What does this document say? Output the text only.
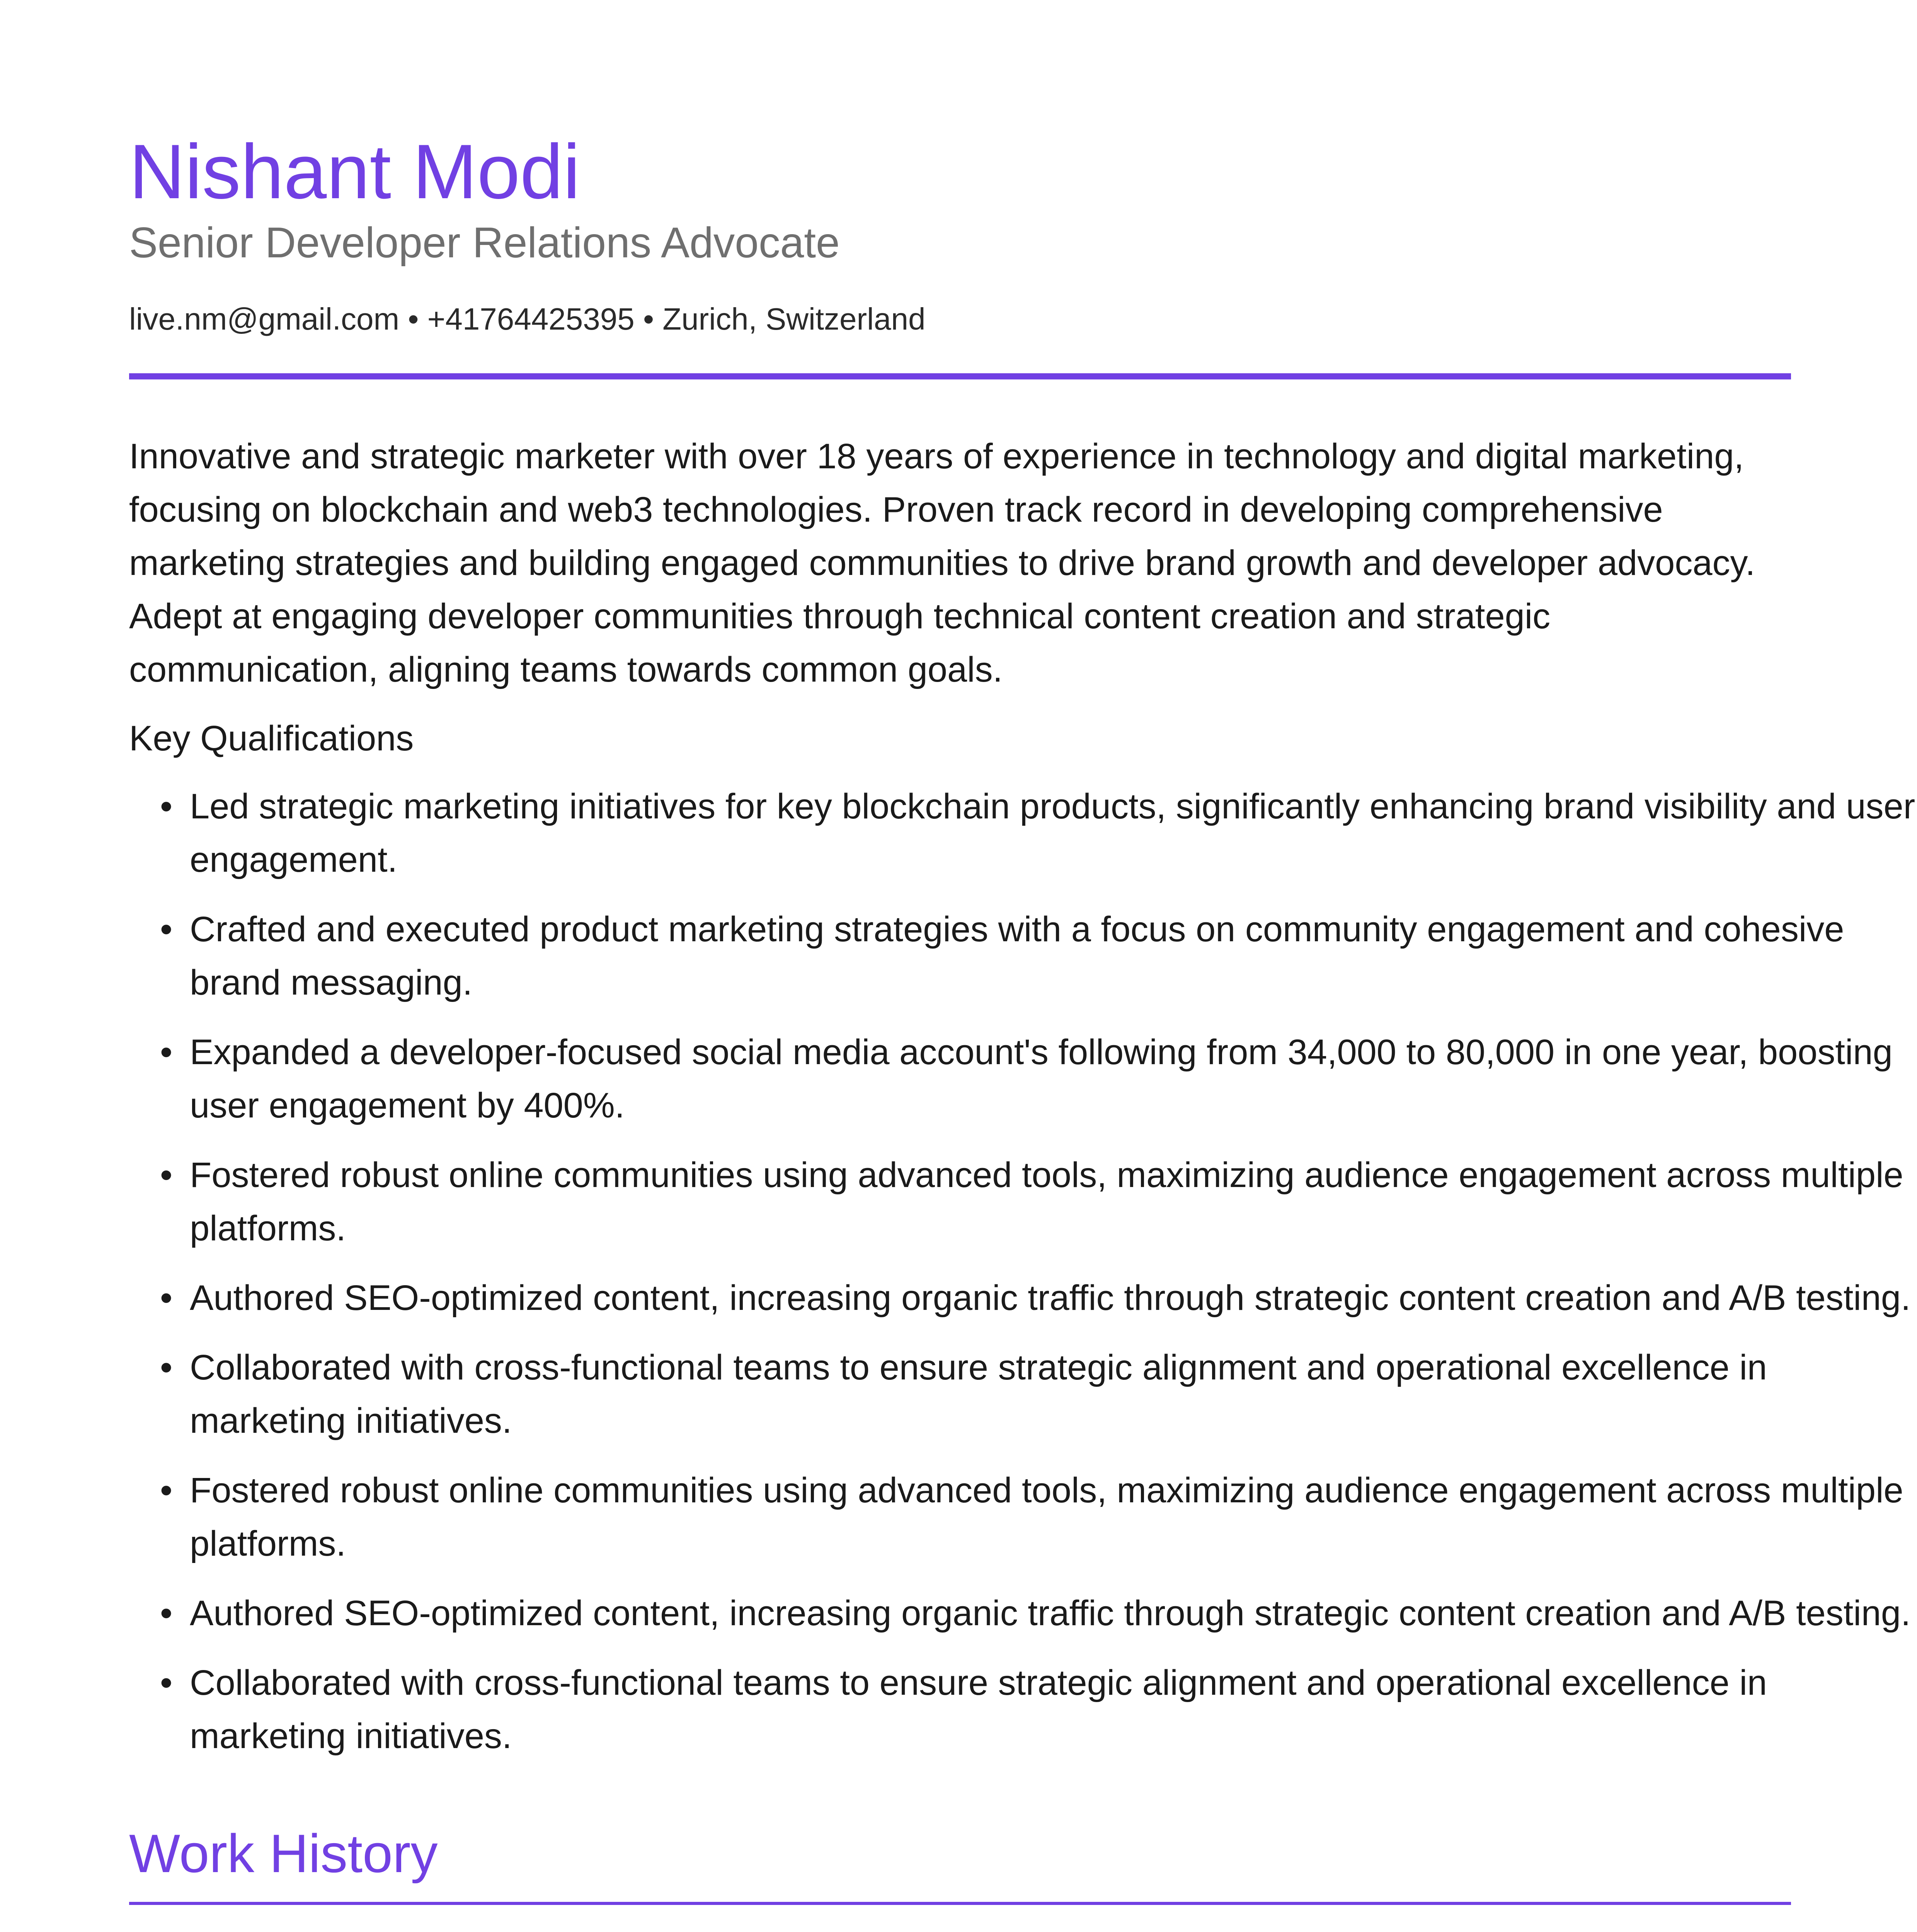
Nishant Modi
Senior Developer Relations Advocate
live.nm@gmail.com • +41764425395 • Zurich, Switzerland
Innovative and strategic marketer with over 18 years of experience in technology and digital marketing, focusing on blockchain and web3 technologies. Proven track record in developing comprehensive marketing strategies and building engaged communities to drive brand growth and developer advocacy. Adept at engaging developer communities through technical content creation and strategic communication, aligning teams towards common goals.
Key Qualifications
• Led strategic marketing initiatives for key blockchain products, significantly enhancing brand visibility and user engagement.
• Crafted and executed product marketing strategies with a focus on community engagement and cohesive brand messaging.
• Expanded a developer-focused social media account's following from 34,000 to 80,000 in one year, boosting user engagement by 400%.
• Fostered robust online communities using advanced tools, maximizing audience engagement across multiple platforms.
• Authored SEO-optimized content, increasing organic traffic through strategic content creation and A/B testing.
• Collaborated with cross-functional teams to ensure strategic alignment and operational excellence in marketing initiatives.
• Fostered robust online communities using advanced tools, maximizing audience engagement across multiple platforms.
• Authored SEO-optimized content, increasing organic traffic through strategic content creation and A/B testing.
• Collaborated with cross-functional teams to ensure strategic alignment and operational excellence in marketing initiatives.
Work History
